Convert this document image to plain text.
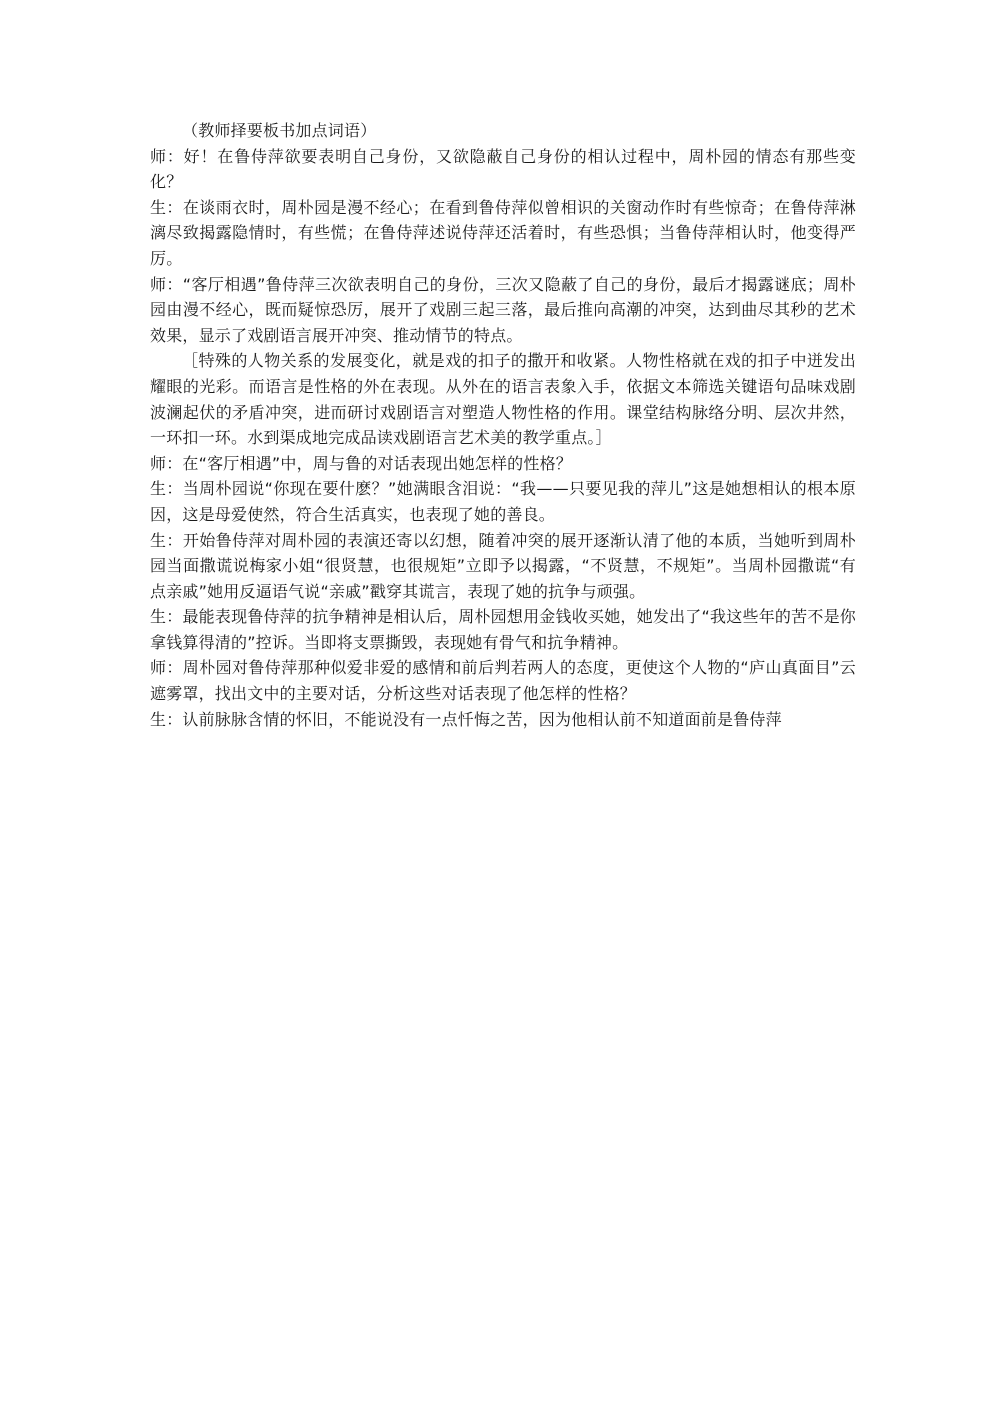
（教师择要板书加点词语）

师：好！在鲁侍萍欲要表明自己身份，又欲隐蔽自己身份的相认过程中，周朴园的情态有那些变化？

生：在谈雨衣时，周朴园是漫不经心；在看到鲁侍萍似曾相识的关窗动作时有些惊奇；在鲁侍萍淋漓尽致揭露隐情时，有些慌；在鲁侍萍述说侍萍还活着时，有些恐惧；当鲁侍萍相认时，他变得严厉。

师：“客厅相遇”鲁侍萍三次欲表明自己的身份，三次又隐蔽了自己的身份，最后才揭露谜底；周朴园由漫不经心，既而疑惊恐厉，展开了戏剧三起三落，最后推向高潮的冲突，达到曲尽其秒的艺术效果，显示了戏剧语言展开冲突、推动情节的特点。

［特殊的人物关系的发展变化，就是戏的扣子的撒开和收紧。人物性格就在戏的扣子中迸发出耀眼的光彩。而语言是性格的外在表现。从外在的语言表象入手，依据文本筛选关键语句品味戏剧波澜起伏的矛盾冲突，进而研讨戏剧语言对塑造人物性格的作用。课堂结构脉络分明、层次井然，一环扣一环。水到渠成地完成品读戏剧语言艺术美的教学重点。］

师：在“客厅相遇”中，周与鲁的对话表现出她怎样的性格？

生：当周朴园说“你现在要什麽？”她满眼含泪说：“我——只要见我的萍儿”这是她想相认的根本原因，这是母爱使然，符合生活真实，也表现了她的善良。

生：开始鲁侍萍对周朴园的表演还寄以幻想，随着冲突的展开逐渐认清了他的本质，当她听到周朴园当面撒谎说梅家小姐“很贤慧，也很规矩”立即予以揭露，“不贤慧，不规矩”。当周朴园撒谎“有点亲戚”她用反逼语气说“亲戚”戳穿其谎言，表现了她的抗争与顽强。

生：最能表现鲁侍萍的抗争精神是相认后，周朴园想用金钱收买她，她发出了“我这些年的苦不是你拿钱算得清的”控诉。当即将支票撕毁，表现她有骨气和抗争精神。

师：周朴园对鲁侍萍那种似爱非爱的感情和前后判若两人的态度，更使这个人物的“庐山真面目”云遮雾罩，找出文中的主要对话，分析这些对话表现了他怎样的性格？

生：认前脉脉含情的怀旧，不能说没有一点忏悔之苦，因为他相认前不知道面前是鲁侍萍
